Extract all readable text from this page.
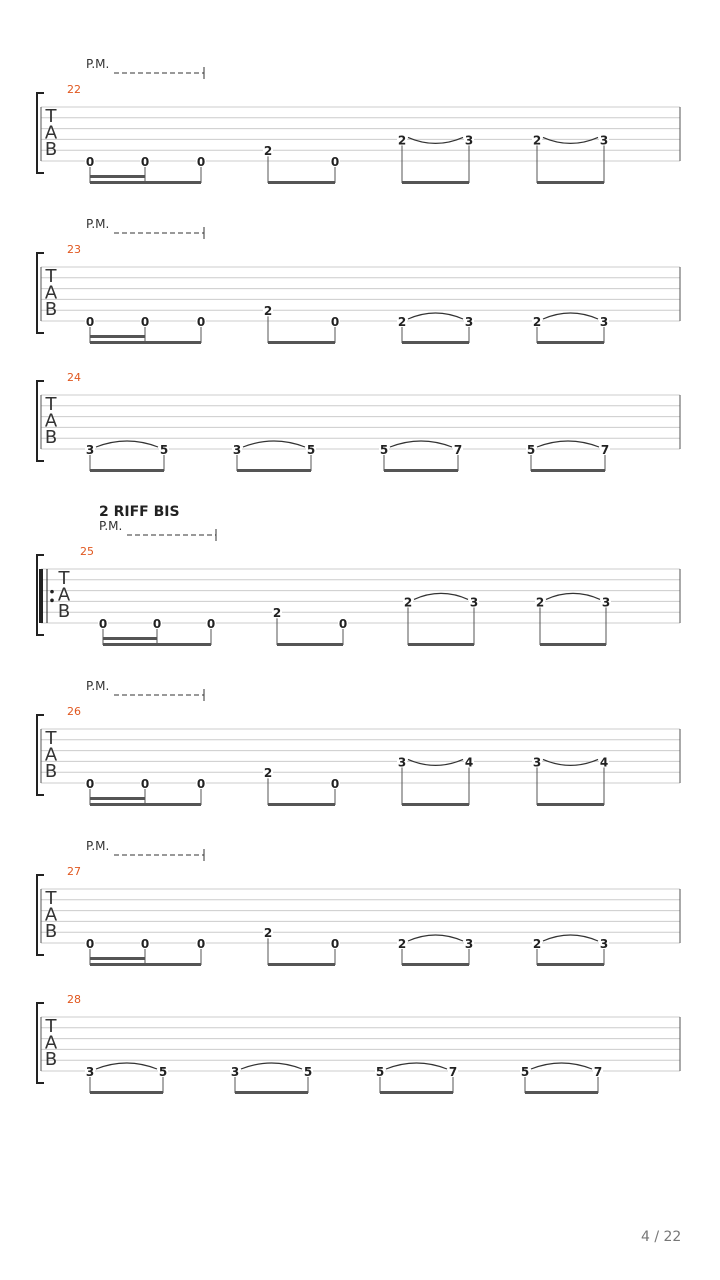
P.M.
T
A
B
22
0	0	0
2
0
2	3	2	3
P.M.
T
A
B
23
0	0	0
2
0	2	3	2	3
T
A
B
24
3	5	3	5	5	7	5	7
2 RIFF BIS
P.M.
T
A
B
25
0	0	0
2
0
2	3	2	3
P.M.
T
A
B
26
0	0	0
2
0
3	4	3	4
P.M.
T
A
B
27
0	0	0
2
0	2	3	2	3
T
A
B
28
3	5	3	5	5	7	5	7
4 / 22
